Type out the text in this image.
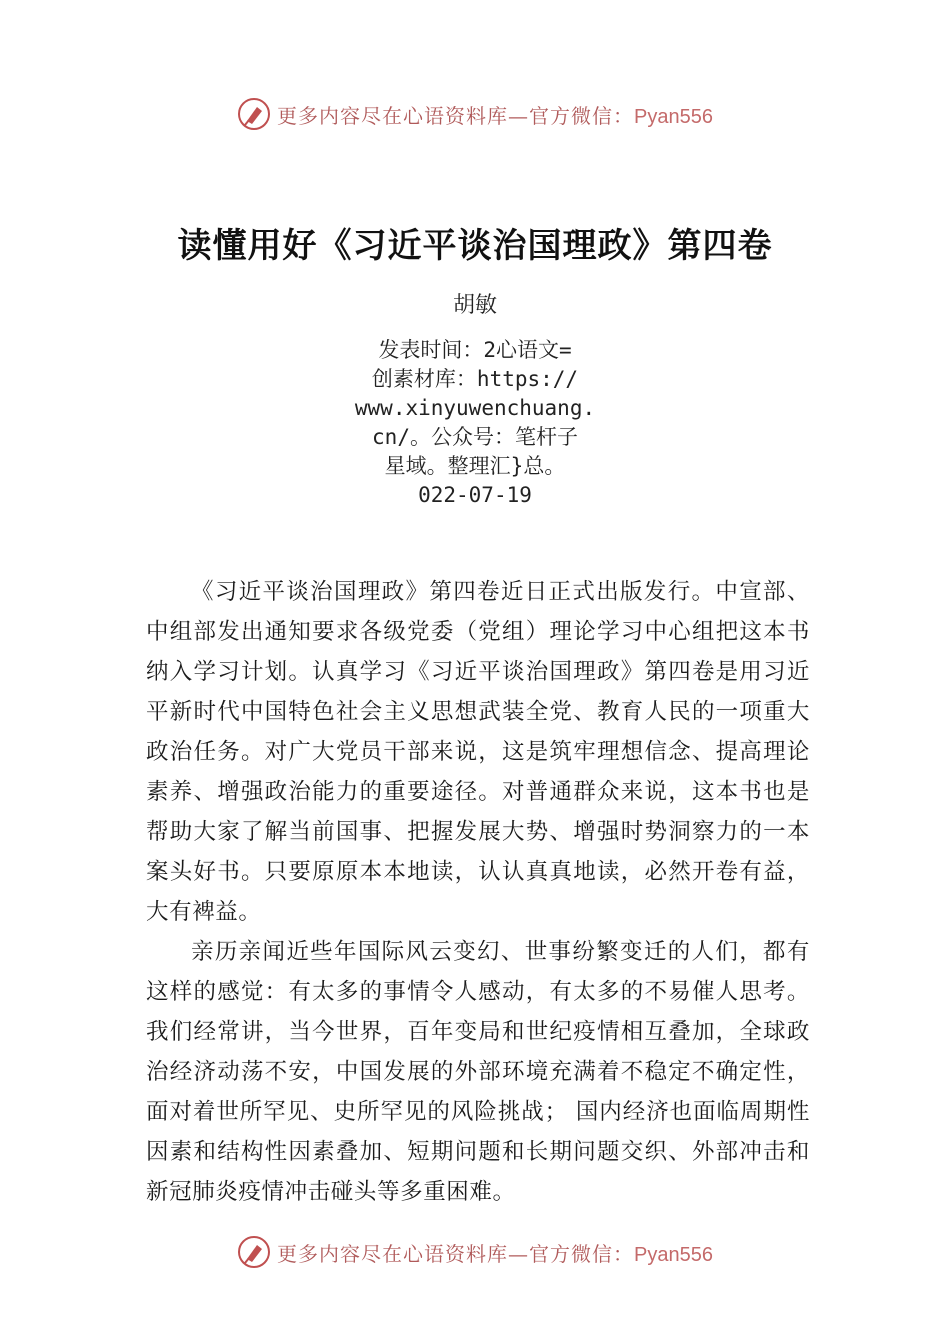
更多内容尽在心语资料库—官方微信：Pyan556
读懂用好《习近平谈治国理政》第四卷
胡敏
发表时间：2心语文=
创素材库：https://
www.xinyuwenchuang.
cn/。公众号：笔杆子
星域。整理汇}总。
022-07-19

《习近平谈治国理政》第四卷近日正式出版发行。中宣部、中组部发出通知要求各级党委（党组）理论学习中心组把这本书纳入学习计划。认真学习《习近平谈治国理政》第四卷是用习近平新时代中国特色社会主义思想武装全党、教育人民的一项重大政治任务。对广大党员干部来说，这是筑牢理想信念、提高理论素养、增强政治能力的重要途径。对普通群众来说，这本书也是帮助大家了解当前国事、把握发展大势、增强时势洞察力的一本案头好书。只要原原本本地读，认认真真地读，必然开卷有益，大有裨益。

亲历亲闻近些年国际风云变幻、世事纷繁变迁的人们，都有这样的感觉：有太多的事情令人感动，有太多的不易催人思考。我们经常讲，当今世界，百年变局和世纪疫情相互叠加，全球政治经济动荡不安，中国发展的外部环境充满着不稳定不确定性，面对着世所罕见、史所罕见的风险挑战； 国内经济也面临周期性因素和结构性因素叠加、短期问题和长期问题交织、外部冲击和新冠肺炎疫情冲击碰头等多重困难。

更多内容尽在心语资料库—官方微信：Pyan556
